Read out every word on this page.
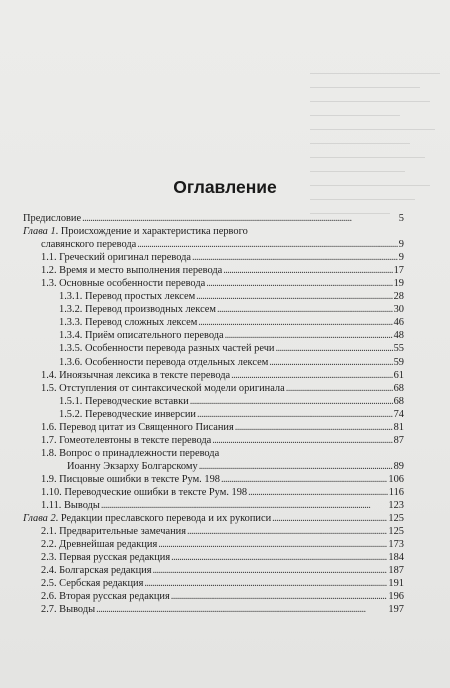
Оглавление
Предисловие . . .	5
Глава 1. Происхождение и характеристика первого
славянского перевода . . .	9
1.1. Греческий оригинал перевода . . .	9
1.2. Время и место выполнения перевода . . .	17
1.3. Основные особенности перевода . . .	19
1.3.1. Перевод простых лексем . . .	28
1.3.2. Перевод производных лексем . . .	30
1.3.3. Перевод сложных лексем . . .	46
1.3.4. Приём описательного перевода . . .	48
1.3.5. Особенности перевода разных частей речи . . .	55
1.3.6. Особенности перевода отдельных лексем . . .	59
1.4. Иноязычная лексика в тексте перевода . . .	61
1.5. Отступления от синтаксической модели оригинала . . .	68
1.5.1. Переводческие вставки . . .	68
1.5.2. Переводческие инверсии . . .	74
1.6. Перевод цитат из Священного Писания . . .	81
1.7. Гомеотелевтоны в тексте перевода . . .	87
1.8. Вопрос о принадлежности перевода
Иоанну Экзарху Болгарскому . . .	89
1.9. Писцовые ошибки в тексте Рум. 198 . . .	106
1.10. Переводческие ошибки в тексте Рум. 198 . . .	116
1.11. Выводы . . .	123
Глава 2. Редакции преславского перевода и их рукописи . . .	125
2.1. Предварительные замечания . . .	125
2.2. Древнейшая редакция . . .	173
2.3. Первая русская редакция . . .	184
2.4. Болгарская редакция . . .	187
2.5. Сербская редакция . . .	191
2.6. Вторая русская редакция . . .	196
2.7. Выводы . . .	197
